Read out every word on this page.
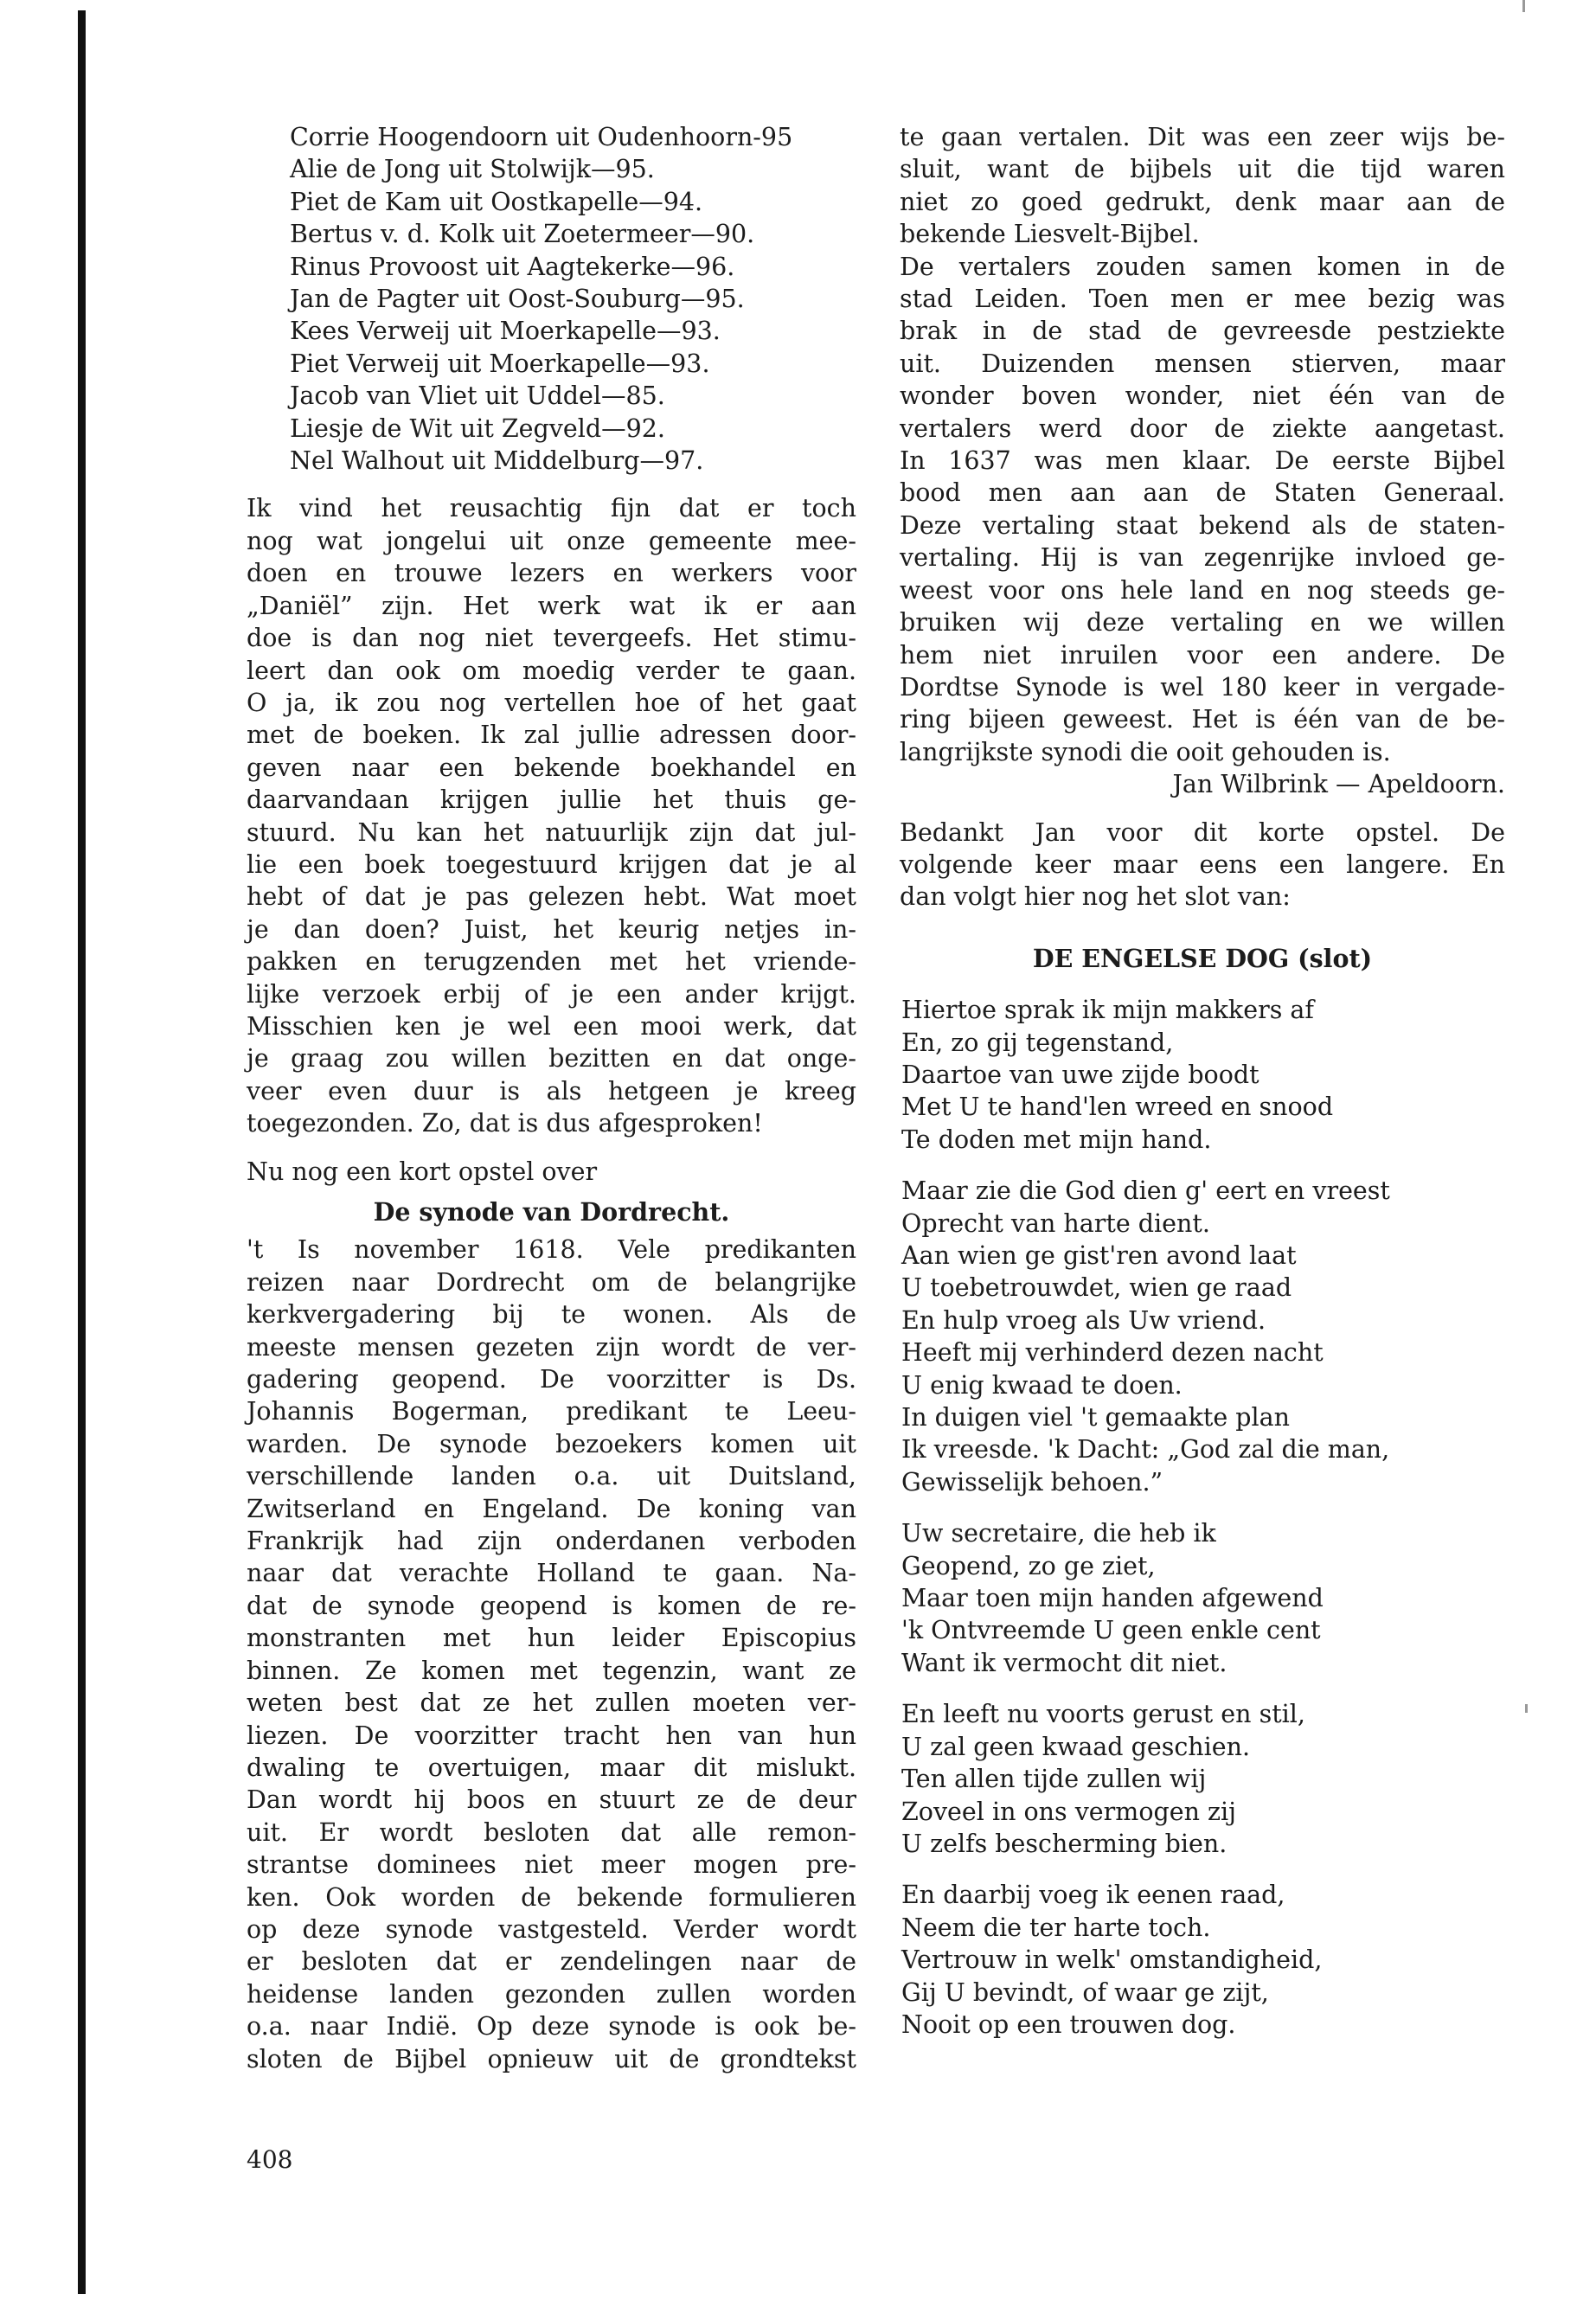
Corrie Hoogendoorn uit Oudenhoorn-95
Alie de Jong uit Stolwijk—95.
Piet de Kam uit Oostkapelle—94.
Bertus v. d. Kolk uit Zoetermeer—90.
Rinus Provoost uit Aagtekerke—96.
Jan de Pagter uit Oost-Souburg—95.
Kees Verweij uit Moerkapelle—93.
Piet Verweij uit Moerkapelle—93.
Jacob van Vliet uit Uddel—85.
Liesje de Wit uit Zegveld—92.
Nel Walhout uit Middelburg—97.
Ik vind het reusachtig fijn dat er toch
nog wat jongelui uit onze gemeente mee-
doen en trouwe lezers en werkers voor
„Daniël” zijn. Het werk wat ik er aan
doe is dan nog niet tevergeefs. Het stimu-
leert dan ook om moedig verder te gaan.
O ja, ik zou nog vertellen hoe of het gaat
met de boeken. Ik zal jullie adressen door-
geven naar een bekende boekhandel en
daarvandaan krijgen jullie het thuis ge-
stuurd. Nu kan het natuurlijk zijn dat jul-
lie een boek toegestuurd krijgen dat je al
hebt of dat je pas gelezen hebt. Wat moet
je dan doen? Juist, het keurig netjes in-
pakken en terugzenden met het vriende-
lijke verzoek erbij of je een ander krijgt.
Misschien ken je wel een mooi werk, dat
je graag zou willen bezitten en dat onge-
veer even duur is als hetgeen je kreeg
toegezonden. Zo, dat is dus afgesproken!
Nu nog een kort opstel over
De synode van Dordrecht.
't Is november 1618. Vele predikanten
reizen naar Dordrecht om de belangrijke
kerkvergadering bij te wonen. Als de
meeste mensen gezeten zijn wordt de ver-
gadering geopend. De voorzitter is Ds.
Johannis Bogerman, predikant te Leeu-
warden. De synode bezoekers komen uit
verschillende landen o.a. uit Duitsland,
Zwitserland en Engeland. De koning van
Frankrijk had zijn onderdanen verboden
naar dat verachte Holland te gaan. Na-
dat de synode geopend is komen de re-
monstranten met hun leider Episcopius
binnen. Ze komen met tegenzin, want ze
weten best dat ze het zullen moeten ver-
liezen. De voorzitter tracht hen van hun
dwaling te overtuigen, maar dit mislukt.
Dan wordt hij boos en stuurt ze de deur
uit. Er wordt besloten dat alle remon-
strantse dominees niet meer mogen pre-
ken. Ook worden de bekende formulieren
op deze synode vastgesteld. Verder wordt
er besloten dat er zendelingen naar de
heidense landen gezonden zullen worden
o.a. naar Indië. Op deze synode is ook be-
sloten de Bijbel opnieuw uit de grondtekst
te gaan vertalen. Dit was een zeer wijs be-
sluit, want de bijbels uit die tijd waren
niet zo goed gedrukt, denk maar aan de
bekende Liesvelt-Bijbel.
De vertalers zouden samen komen in de
stad Leiden. Toen men er mee bezig was
brak in de stad de gevreesde pestziekte
uit. Duizenden mensen stierven, maar
wonder boven wonder, niet één van de
vertalers werd door de ziekte aangetast.
In 1637 was men klaar. De eerste Bijbel
bood men aan aan de Staten Generaal.
Deze vertaling staat bekend als de staten-
vertaling. Hij is van zegenrijke invloed ge-
weest voor ons hele land en nog steeds ge-
bruiken wij deze vertaling en we willen
hem niet inruilen voor een andere. De
Dordtse Synode is wel 180 keer in vergade-
ring bijeen geweest. Het is één van de be-
langrijkste synodi die ooit gehouden is.
Jan Wilbrink — Apeldoorn.
Bedankt Jan voor dit korte opstel. De
volgende keer maar eens een langere. En
dan volgt hier nog het slot van:
DE ENGELSE DOG (slot)
Hiertoe sprak ik mijn makkers af
En, zo gij tegenstand,
Daartoe van uwe zijde boodt
Met U te hand'len wreed en snood
Te doden met mijn hand.
Maar zie die God dien g' eert en vreest
Oprecht van harte dient.
Aan wien ge gist'ren avond laat
U toebetrouwdet, wien ge raad
En hulp vroeg als Uw vriend.
Heeft mij verhinderd dezen nacht
U enig kwaad te doen.
In duigen viel 't gemaakte plan
Ik vreesde. 'k Dacht: „God zal die man,
Gewisselijk behoen.”
Uw secretaire, die heb ik
Geopend, zo ge ziet,
Maar toen mijn handen afgewend
'k Ontvreemde U geen enkle cent
Want ik vermocht dit niet.
En leeft nu voorts gerust en stil,
U zal geen kwaad geschien.
Ten allen tijde zullen wij
Zoveel in ons vermogen zij
U zelfs bescherming bien.
En daarbij voeg ik eenen raad,
Neem die ter harte toch.
Vertrouw in welk' omstandigheid,
Gij U bevindt, of waar ge zijt,
Nooit op een trouwen dog.
408
